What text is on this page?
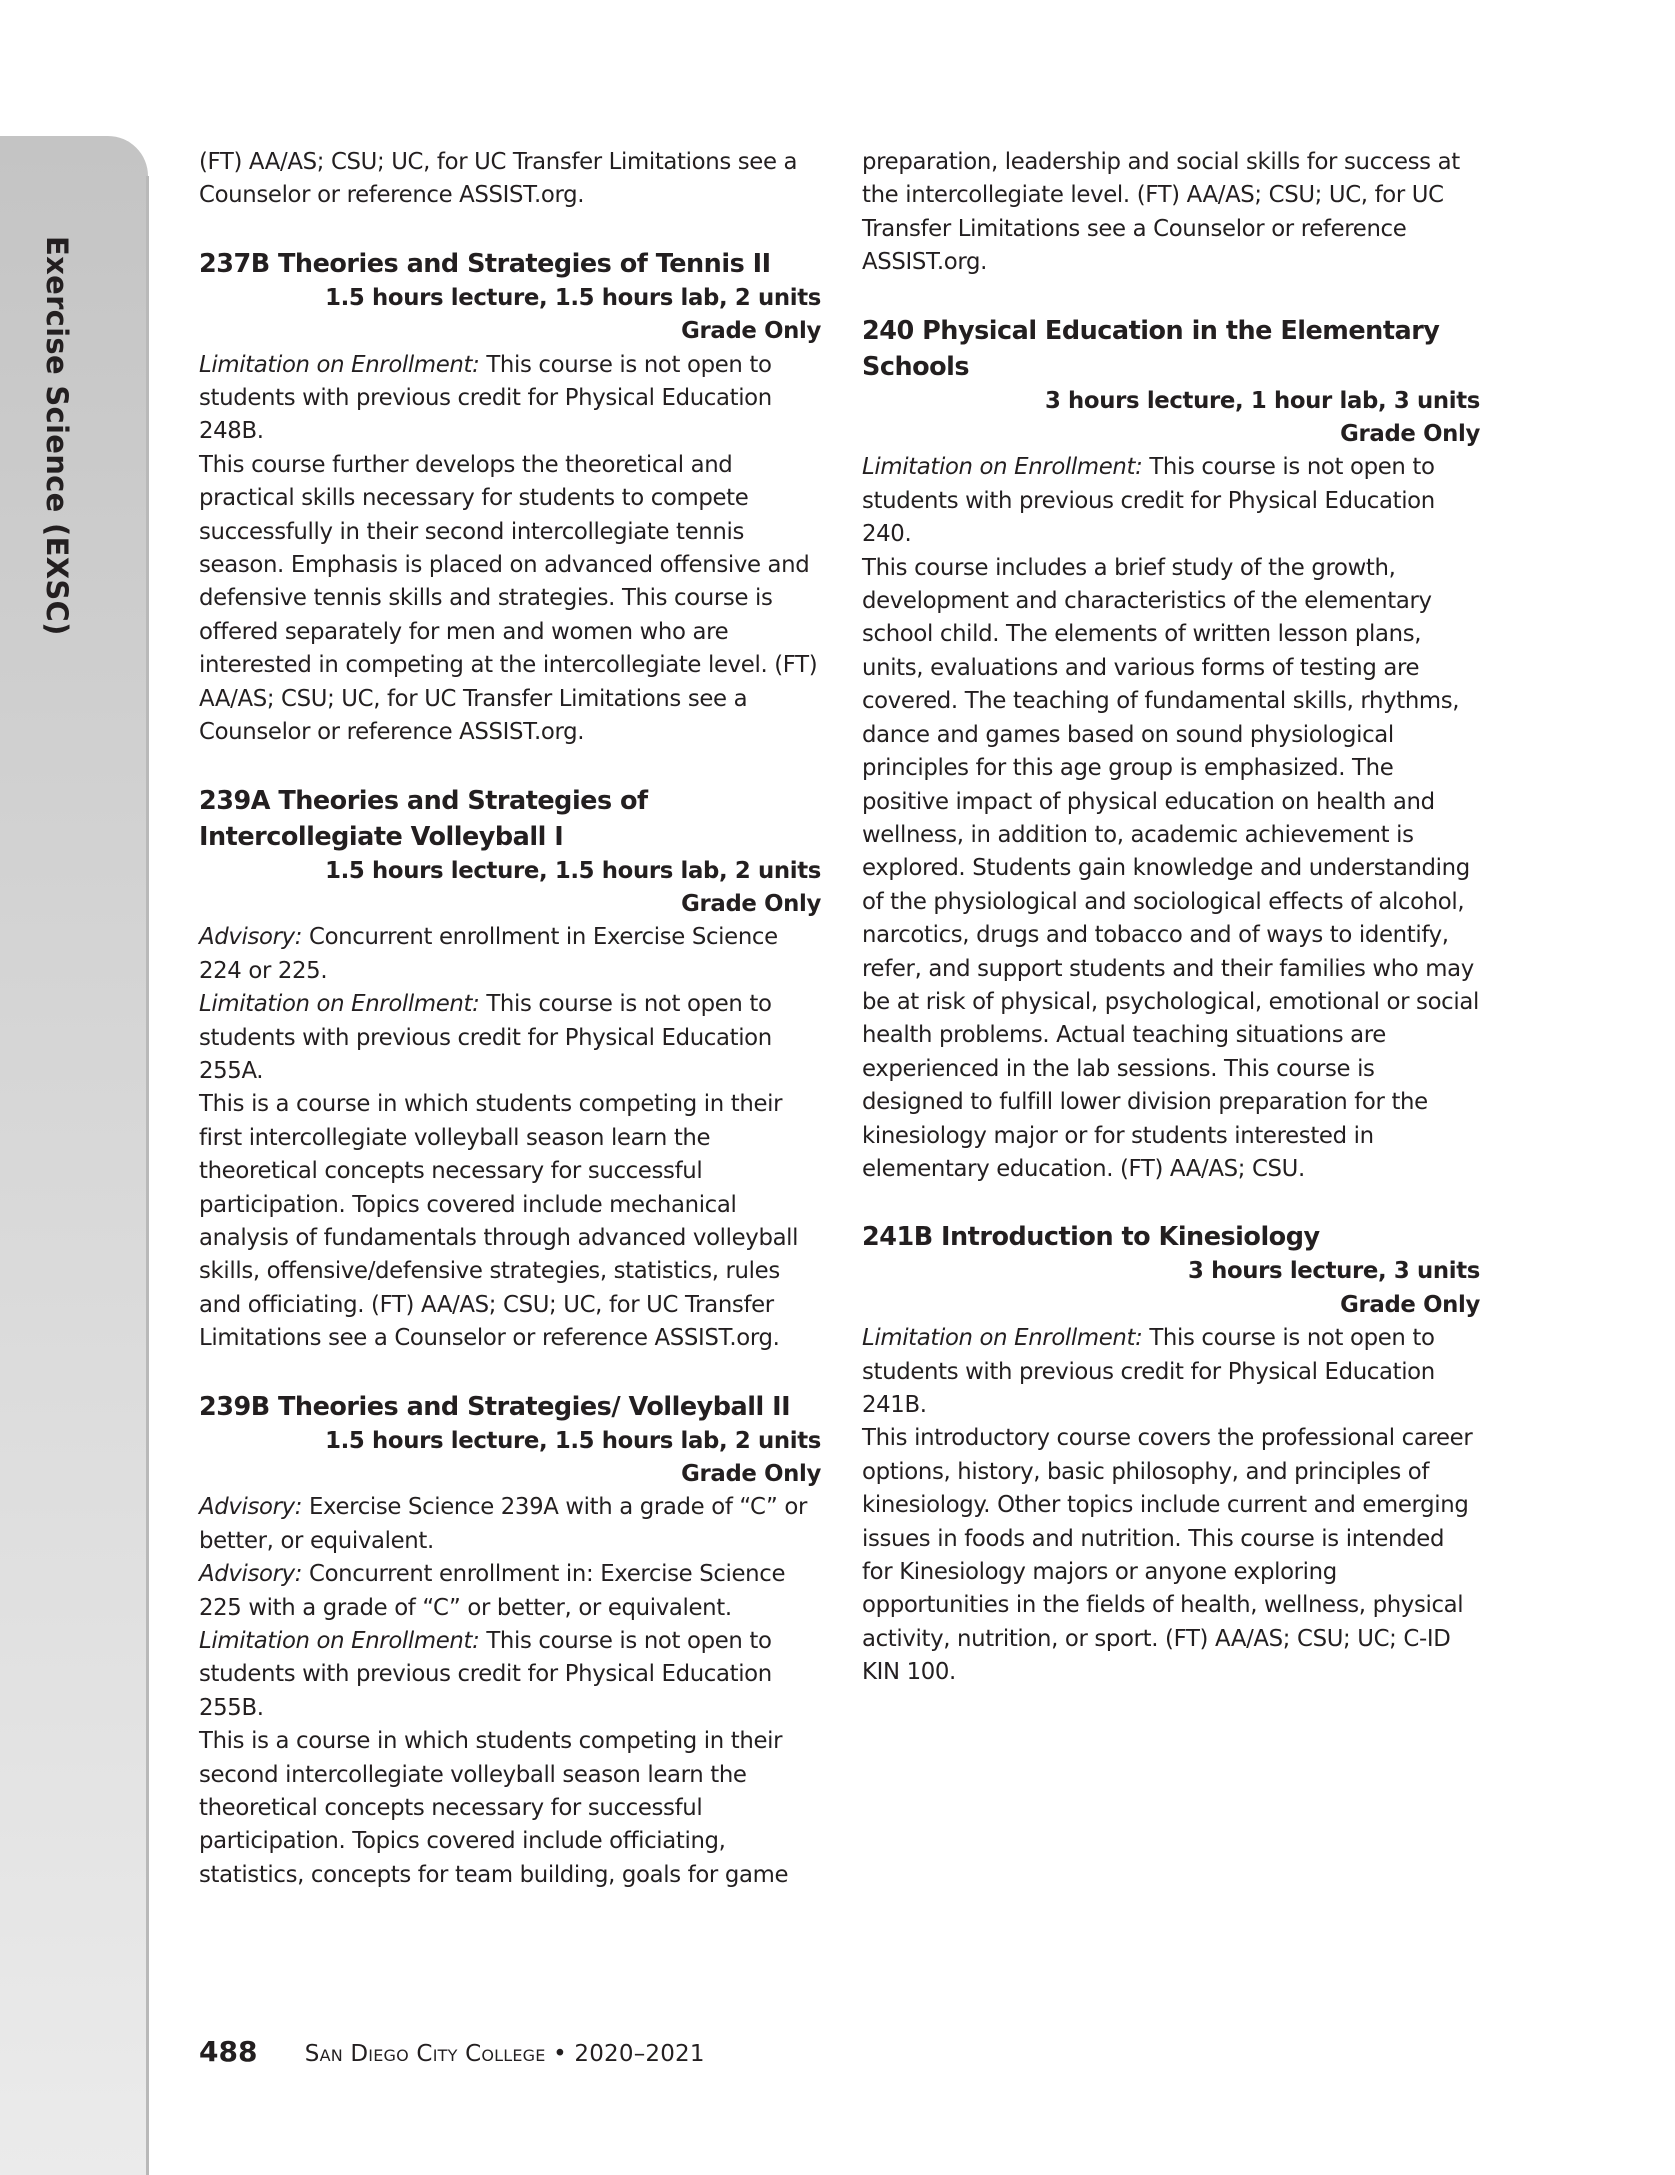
Exercise Science (EXSC)

(FT) AA/AS; CSU; UC, for UC Transfer Limitations see a Counselor or reference ASSIST.org.

237B Theories and Strategies of Tennis II

1.5 hours lecture, 1.5 hours lab, 2 units

Grade Only

Limitation on Enrollment: This course is not open to students with previous credit for Physical Education 248B.

This course further develops the theoretical and practical skills necessary for students to compete successfully in their second intercollegiate tennis season. Emphasis is placed on advanced offensive and defensive tennis skills and strategies. This course is offered separately for men and women who are interested in competing at the intercollegiate level. (FT) AA/AS; CSU; UC, for UC Transfer Limitations see a Counselor or reference ASSIST.org.

239A Theories and Strategies of Intercollegiate Volleyball I

1.5 hours lecture, 1.5 hours lab, 2 units

Grade Only

Advisory: Concurrent enrollment in Exercise Science 224 or 225.

Limitation on Enrollment: This course is not open to students with previous credit for Physical Education 255A.

This is a course in which students competing in their first intercollegiate volleyball season learn the theoretical concepts necessary for successful participation. Topics covered include mechanical analysis of fundamentals through advanced volleyball skills, offensive/defensive strategies, statistics, rules and officiating. (FT) AA/AS; CSU; UC, for UC Transfer Limitations see a Counselor or reference ASSIST.org.

239B Theories and Strategies/ Volleyball II

1.5 hours lecture, 1.5 hours lab, 2 units

Grade Only

Advisory: Exercise Science 239A with a grade of “C” or better, or equivalent.

Advisory: Concurrent enrollment in: Exercise Science 225 with a grade of “C” or better, or equivalent.

Limitation on Enrollment: This course is not open to students with previous credit for Physical Education 255B.

This is a course in which students competing in their second intercollegiate volleyball season learn the theoretical concepts necessary for successful participation. Topics covered include officiating, statistics, concepts for team building, goals for game

preparation, leadership and social skills for success at the intercollegiate level. (FT) AA/AS; CSU; UC, for UC Transfer Limitations see a Counselor or reference ASSIST.org.

240 Physical Education in the Elementary Schools

3 hours lecture, 1 hour lab, 3 units

Grade Only

Limitation on Enrollment: This course is not open to students with previous credit for Physical Education 240.

This course includes a brief study of the growth, development and characteristics of the elementary school child. The elements of written lesson plans, units, evaluations and various forms of testing are covered. The teaching of fundamental skills, rhythms, dance and games based on sound physiological principles for this age group is emphasized. The positive impact of physical education on health and wellness, in addition to, academic achievement is explored. Students gain knowledge and understanding of the physiological and sociological effects of alcohol, narcotics, drugs and tobacco and of ways to identify, refer, and support students and their families who may be at risk of physical, psychological, emotional or social health problems. Actual teaching situations are experienced in the lab sessions. This course is designed to fulfill lower division preparation for the kinesiology major or for students interested in elementary education. (FT) AA/AS; CSU.

241B Introduction to Kinesiology

3 hours lecture, 3 units

Grade Only

Limitation on Enrollment: This course is not open to students with previous credit for Physical Education 241B.

This introductory course covers the professional career options, history, basic philosophy, and principles of kinesiology. Other topics include current and emerging issues in foods and nutrition. This course is intended for Kinesiology majors or anyone exploring opportunities in the fields of health, wellness, physical activity, nutrition, or sport. (FT) AA/AS; CSU; UC; C-ID KIN 100.

488 San Diego City College • 2020–2021
